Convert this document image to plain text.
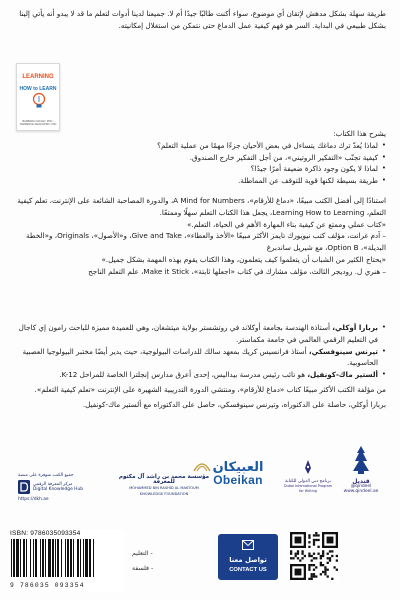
طريقة سهلة بشكل مدهش لإتقان أي موضوع، سواء أكنت طالبًا جيدًا أم لا. جميعنا لدينا أدوات لتعلم ما قد لا يبدو أنه يأتي إلينا بشكل طبيعي في البداية. السر هو فهم كيفية عمل الدماغ حتى نتمكن من استغلال إمكانيته.

LEARNING
HOW to LEARN
BARBARA OAKLEY, PhD • TERRENCE SEJNOWSKI, PhD

يشرح هذا الكتاب:

• لماذا يُعدّ ترك دماغك يتساءل في بعض الأحيان جزءًا مهمًا من عملية التعلم؟
• كيفية تجنّب «التفكير الروتيني»، من أجل التفكير خارج الصندوق.
• لماذا لا يكون وجود ذاكرة ضعيفة أمرًا جيدًا؟
• طريقة بسيطة لكنها قوية للتوقف عن المماطلة.

استنادًا إلى أفضل الكتب مبيعًا، «دماغ للأرقام»، A Mind for Numbers، والدورة المصاحبة الشائعة على الإنترنت، تعلم كيفية التعلم، Learning How to Learning، يجعل هذا الكتاب التعلم سهلًا وممتعًا.

«كتاب عملي وممتع عن كيفية بناء المهارة الأهم في الحياة، التعلم.»

– آدم غرانت، مؤلف كتب نيويورك تايمز الأكثر مبيعًا «الأخذ والعطاء»، Give and Take، و«الأصول»، Originals، و«الخطة البديلة»، Option B، مع شيريل ساندبرغ

«يحتاج الكثير من الشباب أن يتعلموا كيف يتعلمون، وهذا الكتاب يقوم بهذه المهمة بشكل جميل.»

– هنري ل. روديجر الثالث، مؤلف مشارك في كتاب «اجعلها ثابتة»، Make it Stick، علم التعلم الناجح

• بربارا أوكلي، أستاذة الهندسة بجامعة أوكلاند في روتشستر بولاية ميتشغان، وهي للعميدة مميزة للباحث رامون إي كاجال في التعليم الرقمي العالمي في جامعة مكماستر.
• تيرنس سينوفسكي، أستاذ فرانسيس كريك بمعهد سالك للدراسات البيولوجية، حيث يدير أيضًا مختبر البيولوجيا العصبية الحاسوبية.
• ألستير ماك-كونفيل، هو نائب رئيس مدرسة بيداليس، إحدى أعرق مدارس إنجلترا الخاصة للمراحل K-12.

من مؤلفة الكتب الأكثر مبيعًا كتاب «دماغ للأرقام»، ومنتشي الدورة التدريبية الشهيرة على الإنترنت «تعلم كيفية التعلم».

بربارا أوكلي، حاصلة على الدكتوراه، وتيرنس سينوفسكي، حاصل على الدكتوراه مع ألستير ماك-كونفيل.

جميع الكتب متوفرة على منصة
مركز المعرفة الرقمي
Digital Knowledge Hub
https://dkh.ae
مؤسسة محمد بن راشد آل مكتوم للمعرفة
MOHAMMED BIN RASHID AL MAKTOUM KNOWLEDGE FOUNDATION
العبيكان
Obeikan	برنامج دبي الدولي للكتابة
Dubai International Program for Writing
قنديل
@qindeel
www.qindeel.ae
ISBN: 9786035093354
9 786035 093354
- التعليم
- فلسفة
تواصل معنا
CONTACT US
